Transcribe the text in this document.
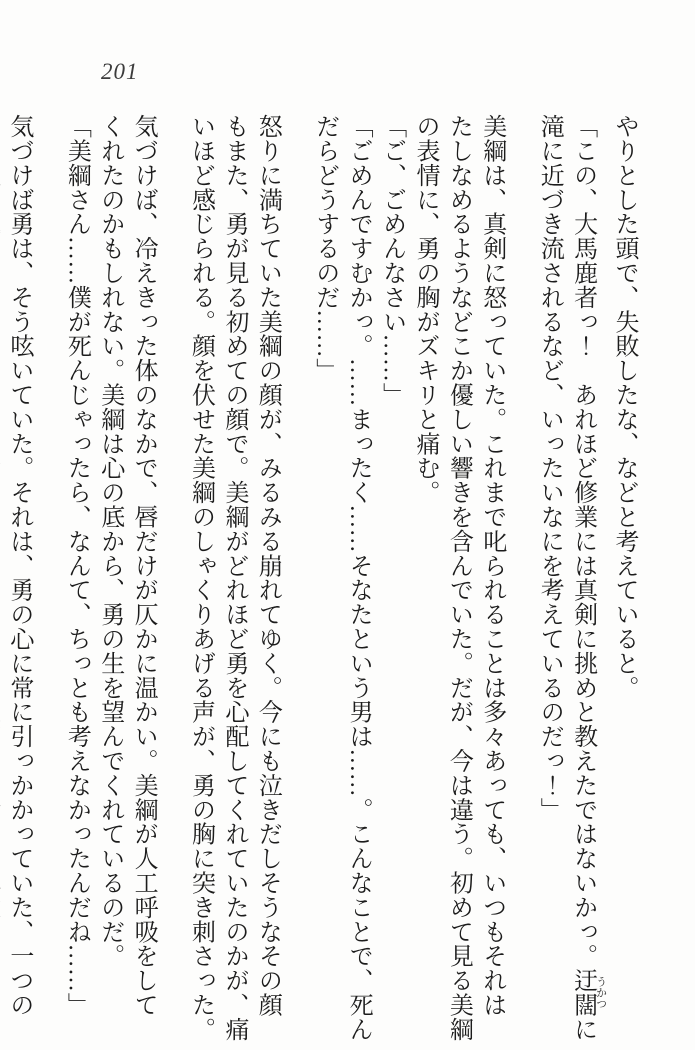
201

やりとした頭で、失敗したな、などと考えていると。

「この、大馬鹿者っ！　あれほど修業には真剣に挑めと教えたではないかっ。迂闊 うかつに

滝に近づき流されるなど、いったいなにを考えているのだっ！」

美綱は、真剣に怒っていた。これまで叱られることは多々あっても、いつもそれは

たしなめるようなどこか優しい響きを含んでいた。だが、今は違う。初めて見る美綱

の表情に、勇の胸がズキリと痛む。

「ご、ごめんなさい……」

「ごめんですむかっ。……まったく……そなたという男は……。こんなことで、死ん

だらどうするのだ……」

怒りに満ちていた美綱の顔が、みるみる崩れてゆく。今にも泣きだしそうなその顔

もまた、勇が見る初めての顔で。美綱がどれほど勇を心配してくれていたのかが、痛

いほど感じられる。顔を伏せた美綱のしゃくりあげる声が、勇の胸に突き刺さった。

気づけば、冷えきった体のなかで、唇だけが仄かに温かい。美綱が人工呼吸をして

くれたのかもしれない。美綱は心の底から、勇の生を望んでくれているのだ。

「美綱さん……僕が死んじゃったら、なんて、ちっとも考えなかったんだね……」

気づけば勇は、そう呟いていた。それは、勇の心に常に引っかかっていた、一つの
